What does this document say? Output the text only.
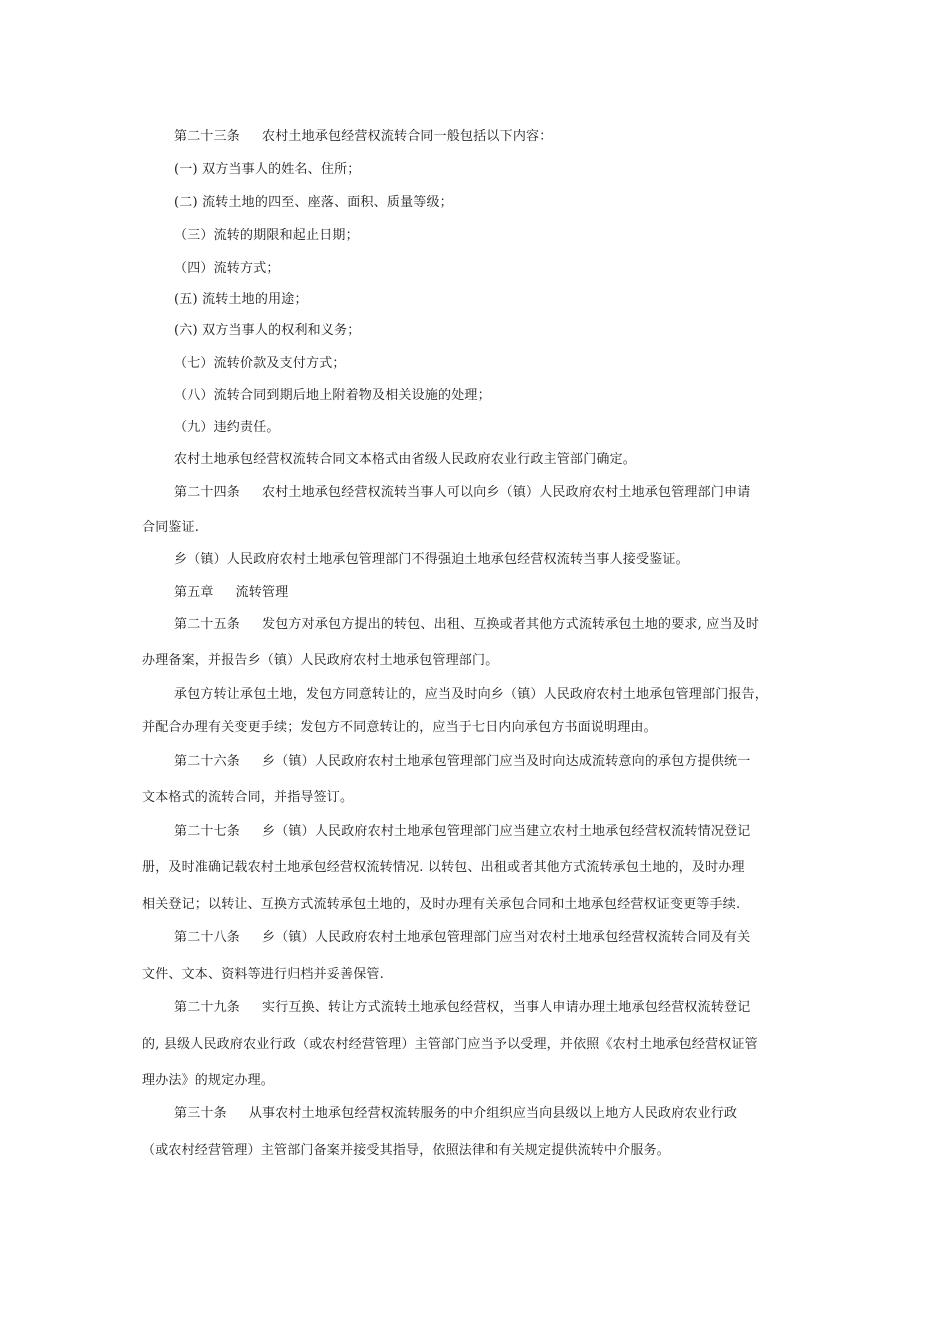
第二十三条 农村土地承包经营权流转合同一般包括以下内容：
(一) 双方当事人的姓名、住所；
(二) 流转土地的四至、座落、面积、质量等级；
（三）流转的期限和起止日期；
（四）流转方式；
(五) 流转土地的用途；
(六) 双方当事人的权利和义务；
（七）流转价款及支付方式；
（八）流转合同到期后地上附着物及相关设施的处理；
（九）违约责任。
农村土地承包经营权流转合同文本格式由省级人民政府农业行政主管部门确定。
第二十四条 农村土地承包经营权流转当事人可以向乡（镇）人民政府农村土地承包管理部门申请
合同鉴证.
乡（镇）人民政府农村土地承包管理部门不得强迫土地承包经营权流转当事人接受鉴证。
第五章 流转管理
第二十五条 发包方对承包方提出的转包、出租、互换或者其他方式流转承包土地的要求, 应当及时
办理备案，并报告乡（镇）人民政府农村土地承包管理部门。
承包方转让承包土地，发包方同意转让的，应当及时向乡（镇）人民政府农村土地承包管理部门报告，
并配合办理有关变更手续；发包方不同意转让的，应当于七日内向承包方书面说明理由。
第二十六条 乡（镇）人民政府农村土地承包管理部门应当及时向达成流转意向的承包方提供统一
文本格式的流转合同，并指导签订。
第二十七条 乡（镇）人民政府农村土地承包管理部门应当建立农村土地承包经营权流转情况登记
册，及时准确记载农村土地承包经营权流转情况. 以转包、出租或者其他方式流转承包土地的，及时办理
相关登记；以转让、互换方式流转承包土地的，及时办理有关承包合同和土地承包经营权证变更等手续.
第二十八条 乡（镇）人民政府农村土地承包管理部门应当对农村土地承包经营权流转合同及有关
文件、文本、资料等进行归档并妥善保管.
第二十九条 实行互换、转让方式流转土地承包经营权，当事人申请办理土地承包经营权流转登记
的, 县级人民政府农业行政（或农村经营管理）主管部门应当予以受理，并依照《农村土地承包经营权证管
理办法》的规定办理。
第三十条 从事农村土地承包经营权流转服务的中介组织应当向县级以上地方人民政府农业行政
（或农村经营管理）主管部门备案并接受其指导，依照法律和有关规定提供流转中介服务。
